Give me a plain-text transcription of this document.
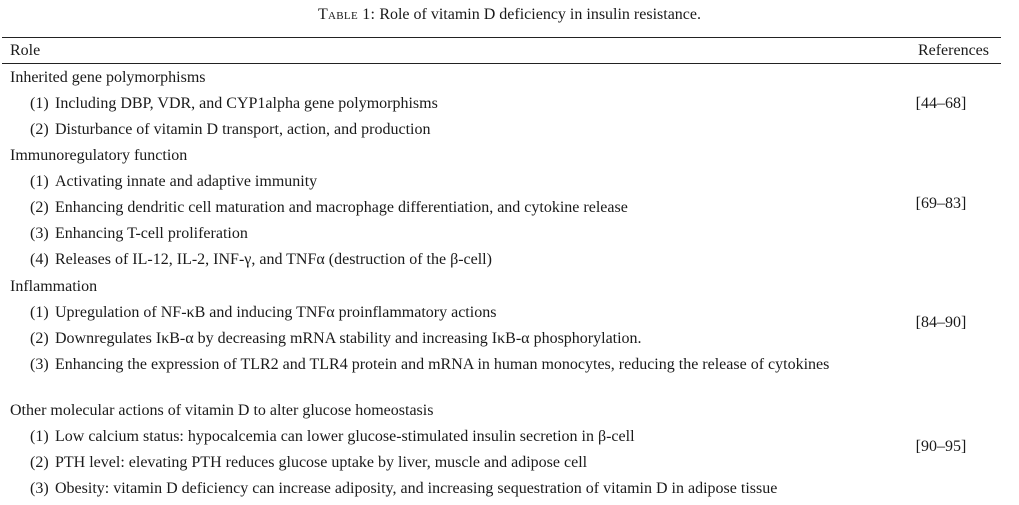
Table 1: Role of vitamin D deficiency in insulin resistance.
Role	References
Inherited gene polymorphisms
(1) Including DBP, VDR, and CYP1alpha gene polymorphisms
(2) Disturbance of vitamin D transport, action, and production
[44–68]
Immunoregulatory function
(1) Activating innate and adaptive immunity
(2) Enhancing dendritic cell maturation and macrophage differentiation, and cytokine release
(3) Enhancing T-cell proliferation
(4) Releases of IL-12, IL-2, INF-γ, and TNFα (destruction of the β-cell)
[69–83]
Inflammation
(1) Upregulation of NF-κB and inducing TNFα proinflammatory actions
(2) Downregulates IκB-α by decreasing mRNA stability and increasing IκB-α phosphorylation.
(3) Enhancing the expression of TLR2 and TLR4 protein and mRNA in human monocytes, reducing the release of cytokines
[84–90]
Other molecular actions of vitamin D to alter glucose homeostasis
(1) Low calcium status: hypocalcemia can lower glucose-stimulated insulin secretion in β-cell
(2) PTH level: elevating PTH reduces glucose uptake by liver, muscle and adipose cell
(3) Obesity: vitamin D deficiency can increase adiposity, and increasing sequestration of vitamin D in adipose tissue
[90–95]
